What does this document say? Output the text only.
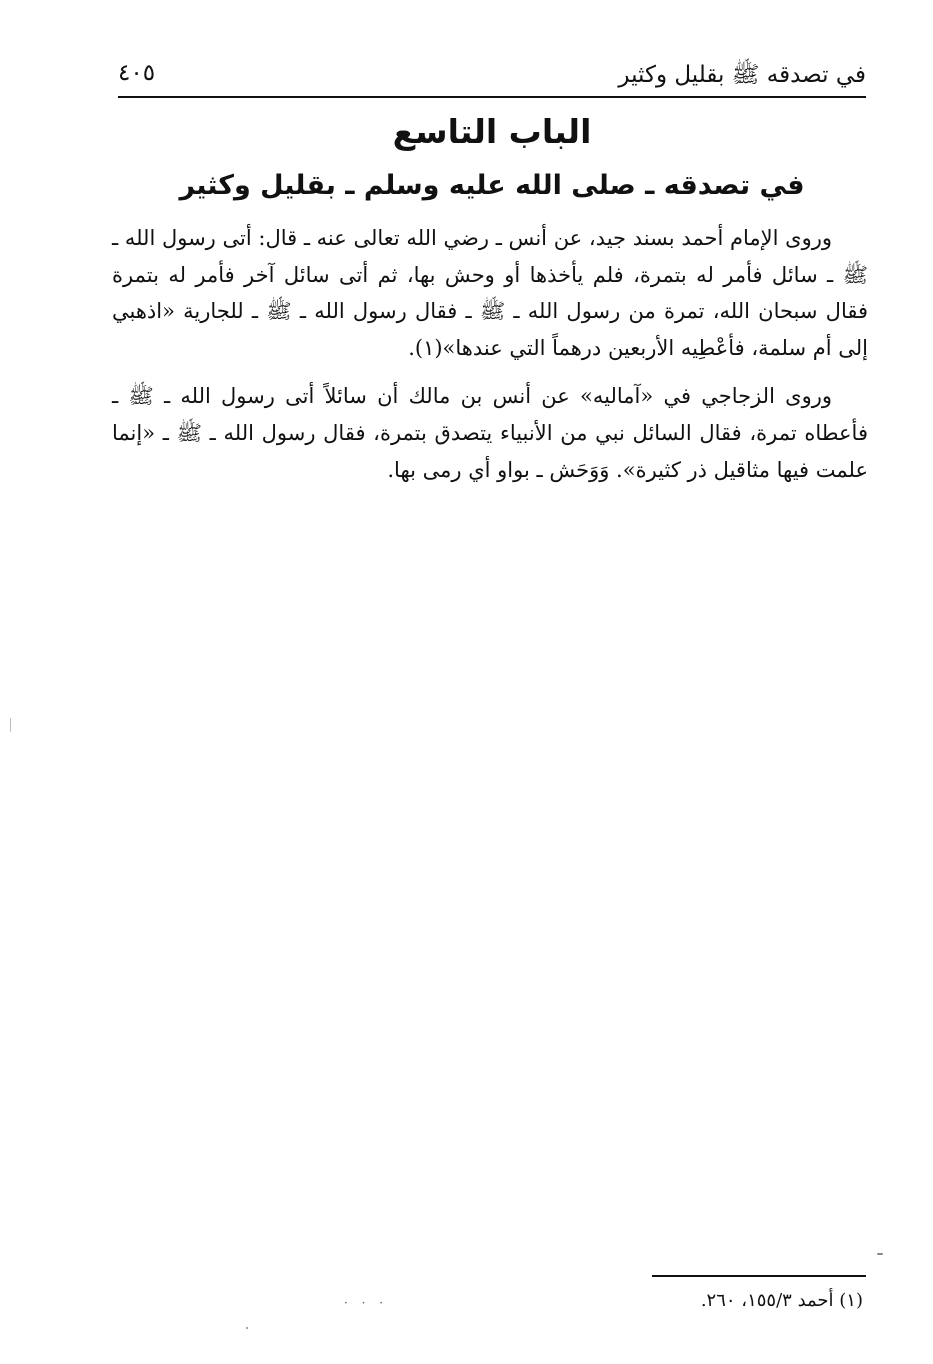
في تصدقه ﷺ بقليل وكثير
٤٠٥
الباب التاسع
في تصدقه ـ صلى الله عليه وسلم ـ بقليل وكثير

وروى الإمام أحمد بسند جيد، عن أنس ـ رضي الله تعالى عنه ـ قال: أتى رسول الله ـ ﷺ ـ سائل فأمر له بتمرة، فلم يأخذها أو وحش بها، ثم أتى سائل آخر فأمر له بتمرة فقال سبحان الله، تمرة من رسول الله ـ ﷺ ـ فقال رسول الله ـ ﷺ ـ للجارية «اذهبي إلى أم سلمة، فأعْطِيه الأربعين درهماً التي عندها»(١).

وروى الزجاجي في «آماليه» عن أنس بن مالك أن سائلاً أتى رسول الله ـ ﷺ ـ فأعطاه تمرة، فقال السائل نبي من الأنبياء يتصدق بتمرة، فقال رسول الله ـ ﷺ ـ «إنما علمت فيها مثاقيل ذر كثيرة». وَوَحَش ـ بواو أي رمى بها.

(١) أحمد ١٥٥/٣، ٢٦٠.
· · ·
